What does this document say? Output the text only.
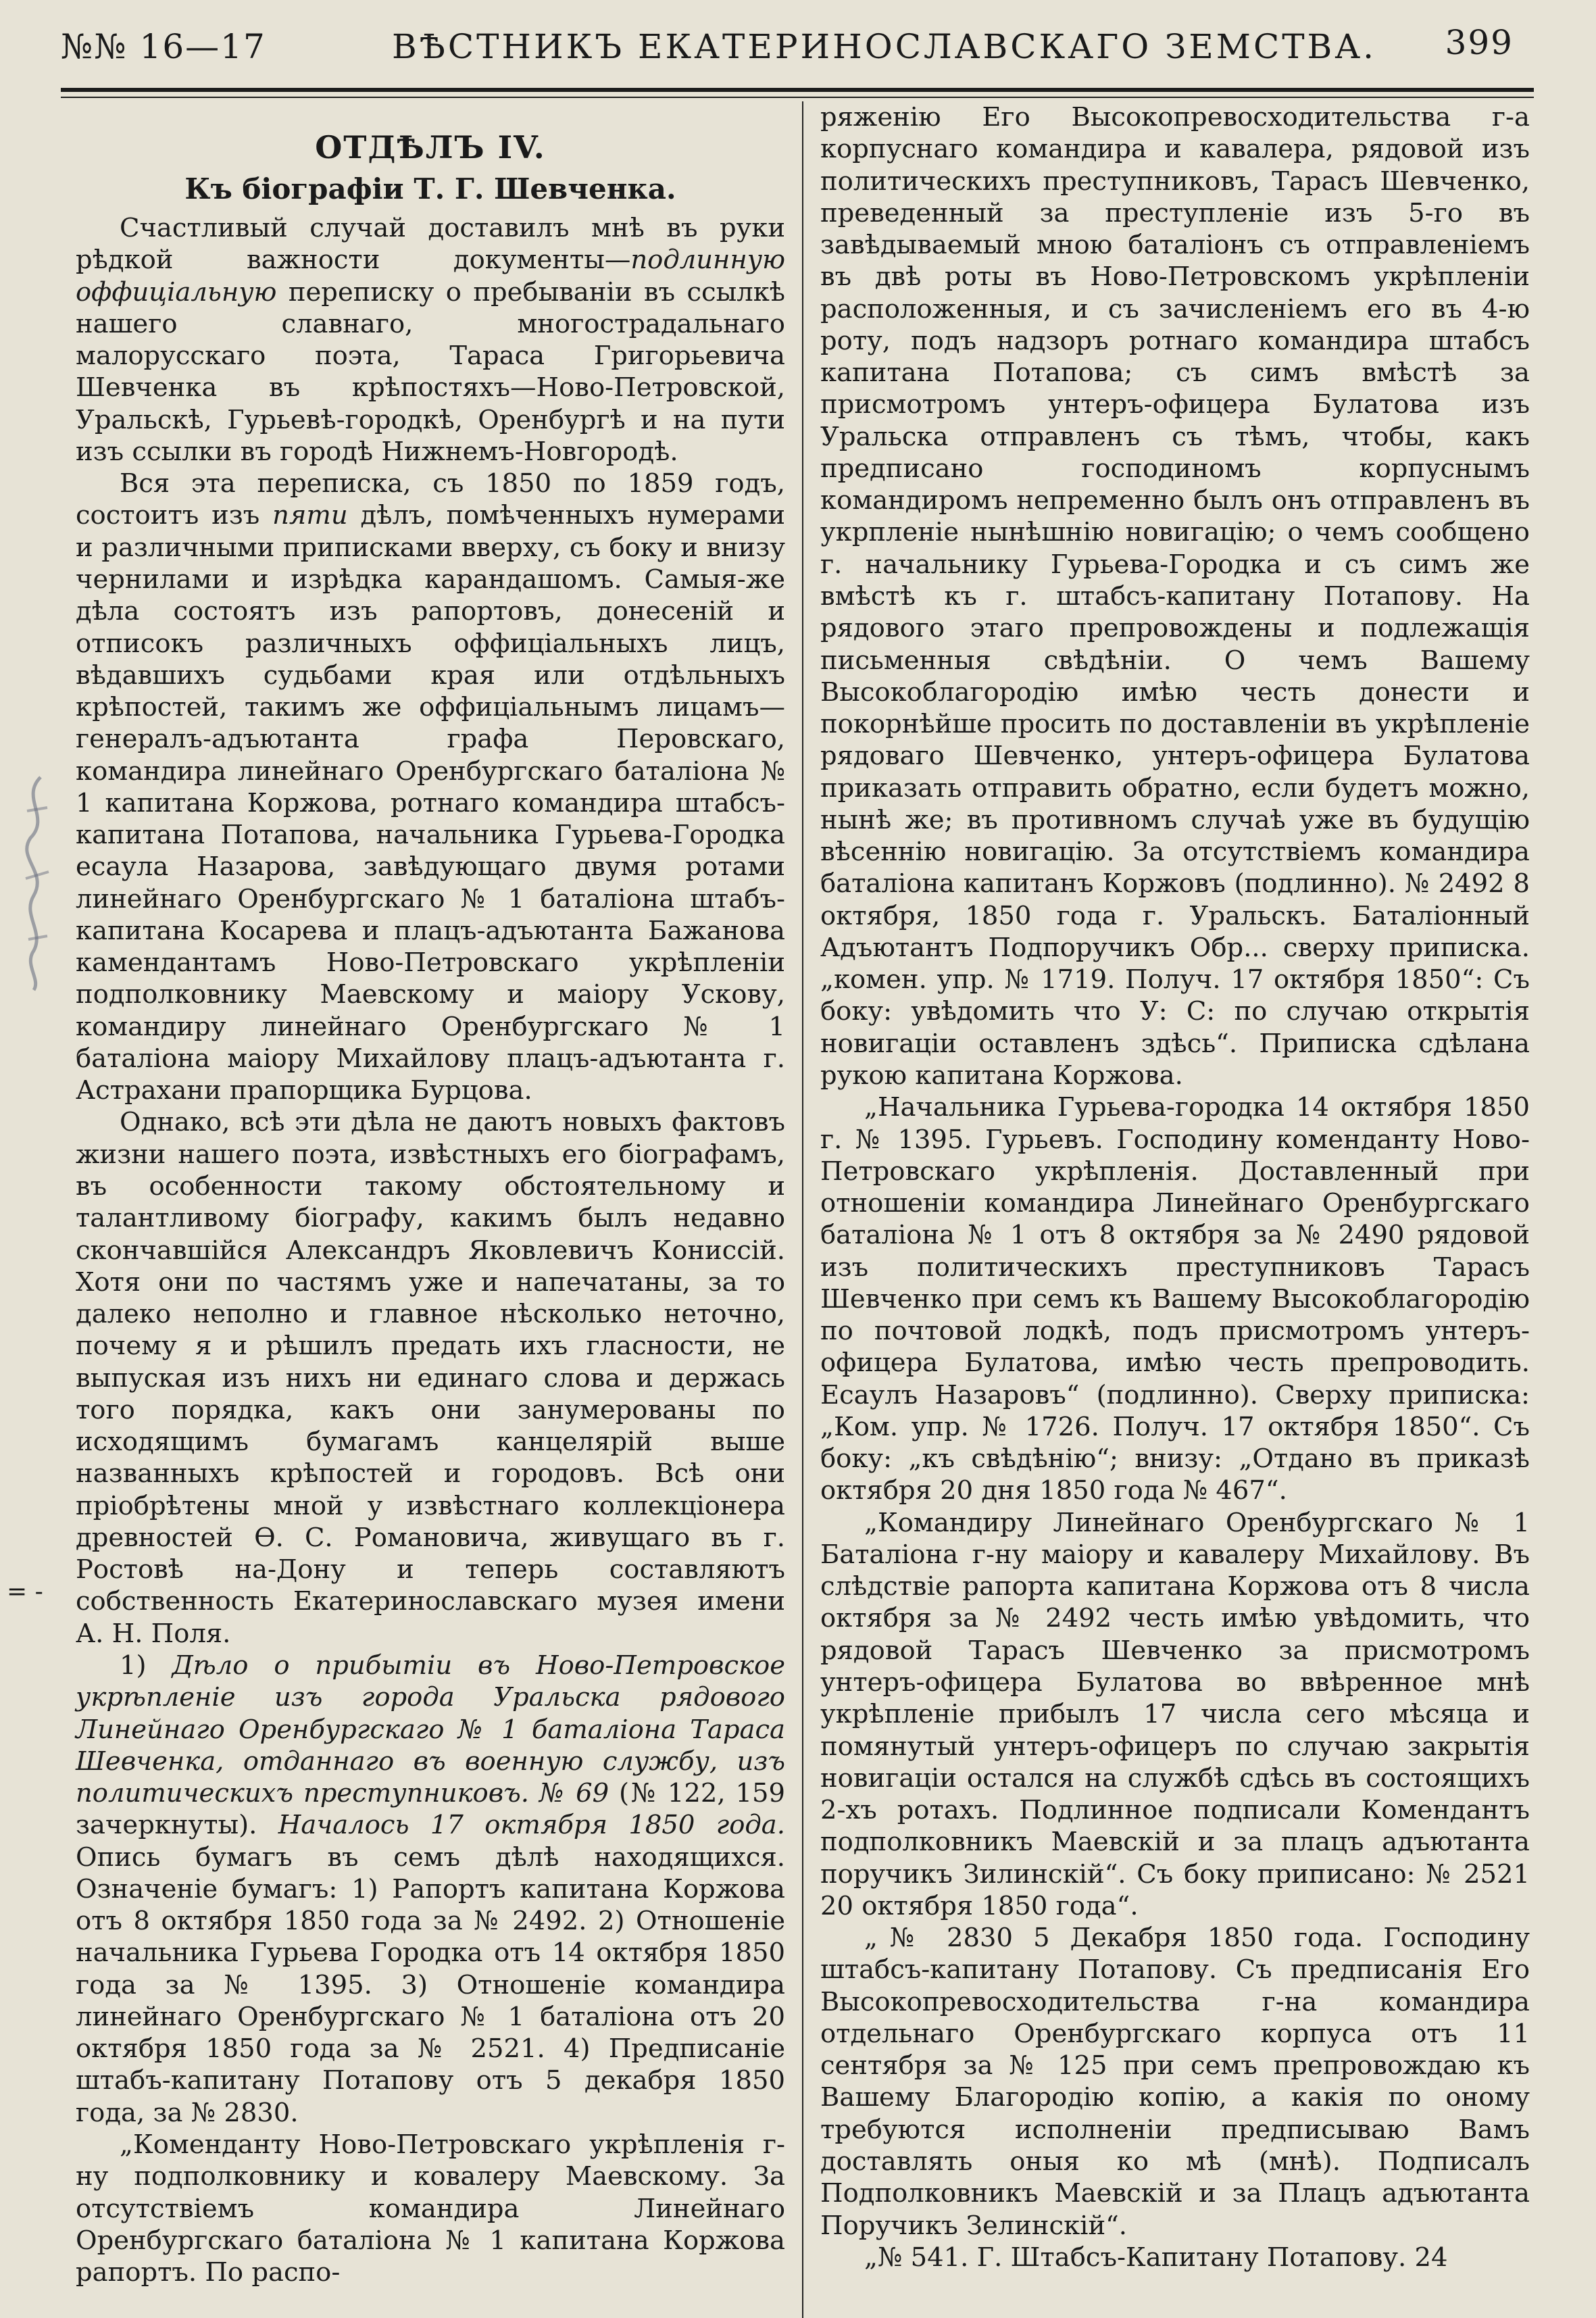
№№ 16—17	ВѢСТНИКЪ ЕКАТЕРИНОСЛАВСКАГО ЗЕМСТВА. 399
= -
ОТДѢЛЪ IV.
Къ біографіи Т. Г. Шевченка.

Счастливый случай доставилъ мнѣ въ руки рѣдкой важности документы—подлинную оффиціальную переписку о пребываніи въ ссылкѣ нашего славнаго, многострадальнаго малорусскаго поэта, Тараса Григорьевича Шевченка въ крѣпостяхъ—Ново-Петровской, Уральскѣ, Гурьевѣ-городкѣ, Оренбургѣ и на пути изъ ссылки въ городѣ Нижнемъ-Новгородѣ.

Вся эта переписка, съ 1850 по 1859 годъ, состоитъ изъ пяти дѣлъ, помѣченныхъ нумерами и различными приписками вверху, съ боку и внизу чернилами и изрѣдка карандашомъ. Самыя-же дѣла состоятъ изъ рапортовъ, донесеній и отписокъ различныхъ оффиціальныхъ лицъ, вѣдавшихъ судьбами края или отдѣльныхъ крѣпостей, такимъ же оффиціальнымъ лицамъ—генералъ-адъютанта графа Перовскаго, командира линейнаго Оренбургскаго баталіона № 1 капитана Коржова, ротнаго командира штабсъ-капитана Потапова, начальника Гурьева-Городка есаула Назарова, завѣдующаго двумя ротами линейнаго Оренбургскаго № 1 баталіона штабъ-капитана Косарева и плацъ-адъютанта Бажанова камендантамъ Ново-Петровскаго укрѣпленіи подполковнику Маевскому и маіору Ускову, командиру линейнаго Оренбургскаго № 1 баталіона маіору Михайлову плацъ-адъютанта г. Астрахани прапорщика Бурцова.

Однако, всѣ эти дѣла не даютъ новыхъ фактовъ жизни нашего поэта, извѣстныхъ его біографамъ, въ особенности такому обстоятельному и талантливому біографу, какимъ былъ недавно скончавшійся Александръ Яковлевичъ Кониссій. Хотя они по частямъ уже и напечатаны, за то далеко неполно и главное нѣсколько неточно, почему я и рѣшилъ предать ихъ гласности, не выпуская изъ нихъ ни единаго слова и держась того порядка, какъ они занумерованы по исходящимъ бумагамъ канцелярій выше названныхъ крѣпостей и городовъ. Всѣ они пріобрѣтены мной у извѣстнаго коллекціонера древностей Ѳ. С. Романовича, живущаго въ г. Ростовѣ на-Дону и теперь составляютъ собственность Екатеринославскаго музея имени А. Н. Поля.

1) Дѣло о прибытіи въ Ново-Петровское укрѣпленіе изъ города Уральска рядового Линейнаго Оренбургскаго № 1 баталіона Тараса Шевченка, отданнаго въ военную службу, изъ политическихъ преступниковъ. № 69 (№ 122, 159 зачеркнуты). Началось 17 октября 1850 года. Опись бумагъ въ семъ дѣлѣ находящихся. Означеніе бумагъ: 1) Рапортъ капитана Коржова отъ 8 октября 1850 года за № 2492. 2) Отношеніе начальника Гурьева Городка отъ 14 октября 1850 года за № 1395. 3) Отношеніе командира линейнаго Оренбургскаго № 1 баталіона отъ 20 октября 1850 года за № 2521. 4) Предписаніе штабъ-капитану Потапову отъ 5 декабря 1850 года, за № 2830.

„Коменданту Ново-Петровскаго укрѣпленія г-ну подполковнику и ковалеру Маевскому. За отсутствіемъ командира Линейнаго Оренбургскаго баталіона № 1 капитана Коржова рапортъ. По распо-

ряженію Его Высокопревосходительства г-а корпуснаго командира и кавалера, рядовой изъ политическихъ преступниковъ, Тарасъ Шевченко, преведенный за преступленіе изъ 5-го въ завѣдываемый мною баталіонъ съ отправленіемъ въ двѣ роты въ Ново-Петровскомъ укрѣпленіи расположенныя, и съ зачисленіемъ его въ 4-ю роту, подъ надзоръ ротнаго командира штабсъ капитана Потапова; съ симъ вмѣстѣ за присмотромъ унтеръ-офицера Булатова изъ Уральска отправленъ съ тѣмъ, чтобы, какъ предписано господиномъ корпуснымъ командиромъ непременно былъ онъ отправленъ въ укрпленіе нынѣшнію новигацію; о чемъ сообщено г. начальнику Гурьева-Городка и съ симъ же вмѣстѣ къ г. штабсъ-капитану Потапову. На рядового этаго препровождены и подлежащія письменныя свѣдѣніи. О чемъ Вашему Высокоблагородію имѣю честь донести и покорнѣйше просить по доставленіи въ укрѣпленіе рядоваго Шевченко, унтеръ-офицера Булатова приказать отправить обратно, если будетъ можно, нынѣ же; въ противномъ случаѣ уже въ будущію вѣсеннію новигацію. За отсутствіемъ командира баталіона капитанъ Коржовъ (подлинно). № 2492 8 октября, 1850 года г. Уральскъ. Баталіонный Адъютантъ Подпоручикъ Обр... сверху приписка. „комен. упр. № 1719. Получ. 17 октября 1850“: Съ боку: увѣдомить что У: С: по случаю открытія новигаціи оставленъ здѣсь“. Приписка сдѣлана рукою капитана Коржова.

„Начальника Гурьева-городка 14 октября 1850 г. № 1395. Гурьевъ. Господину коменданту Ново-Петровскаго укрѣпленія. Доставленный при отношеніи командира Линейнаго Оренбургскаго баталіона № 1 отъ 8 октября за № 2490 рядовой изъ политическихъ преступниковъ Тарасъ Шевченко при семъ къ Вашему Высокоблагородію по почтовой лодкѣ, подъ присмотромъ унтеръ-офицера Булатова, имѣю честь препроводить. Есаулъ Назаровъ“ (подлинно). Сверху приписка: „Ком. упр. № 1726. Получ. 17 октября 1850“. Съ боку: „къ свѣдѣнію“; внизу: „Отдано въ приказѣ октября 20 дня 1850 года № 467“.

„Командиру Линейнаго Оренбургскаго № 1 Баталіона г-ну маіору и кавалеру Михайлову. Въ слѣдствіе рапорта капитана Коржова отъ 8 числа октября за № 2492 честь имѣю увѣдомить, что рядовой Тарасъ Шевченко за присмотромъ унтеръ-офицера Булатова во ввѣренное мнѣ укрѣпленіе прибылъ 17 числа сего мѣсяца и помянутый унтеръ-офицеръ по случаю закрытія новигаціи остался на службѣ сдѣсь въ состоящихъ 2-хъ ротахъ. Подлинное подписали Комендантъ подполковникъ Маевскій и за плацъ адъютанта поручикъ Зилинскій“. Съ боку приписано: № 2521 20 октября 1850 года“.

„№ 2830 5 Декабря 1850 года. Господину штабсъ-капитану Потапову. Съ предписанія Его Высокопревосходительства г-на командира отдельнаго Оренбургскаго корпуса отъ 11 сентября за № 125 при семъ препровождаю къ Вашему Благородію копію, а какія по оному требуются исполненіи предписываю Вамъ доставлять оныя ко мѣ (мнѣ). Подписалъ Подполковникъ Маевскій и за Плацъ адъютанта Поручикъ Зелинскій“.

„№ 541. Г. Штабсъ-Капитану Потапову. 24
